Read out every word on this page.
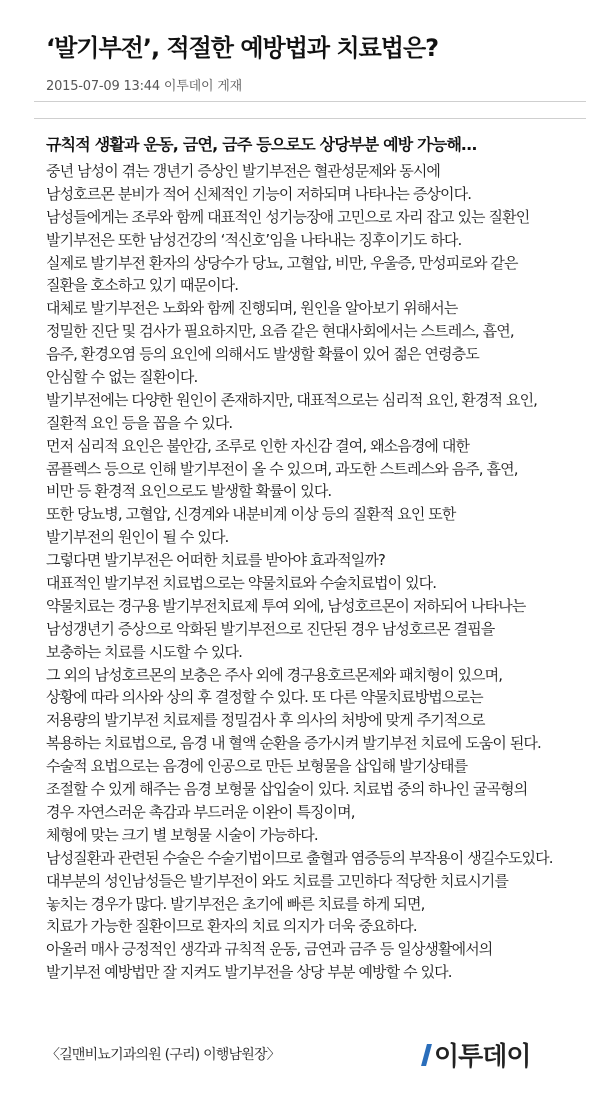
‘발기부전’, 적절한 예방법과 치료법은?
2015-07-09 13:44 이투데이 게재
규칙적 생활과 운동, 금연, 금주 등으로도 상당부분 예방 가능해…
중년 남성이 겪는 갱년기 증상인 발기부전은 혈관성문제와 동시에
남성호르몬 분비가 적어 신체적인 기능이 저하되며 나타나는 증상이다.
남성들에게는 조루와 함께 대표적인 성기능장애 고민으로 자리 잡고 있는 질환인
발기부전은 또한 남성건강의 ‘적신호’임을 나타내는 징후이기도 하다.
실제로 발기부전 환자의 상당수가 당뇨, 고혈압, 비만, 우울증, 만성피로와 같은
질환을 호소하고 있기 때문이다.
대체로 발기부전은 노화와 함께 진행되며, 원인을 알아보기 위해서는
정밀한 진단 및 검사가 필요하지만, 요즘 같은 현대사회에서는 스트레스, 흡연,
음주, 환경오염 등의 요인에 의해서도 발생할 확률이 있어 젊은 연령층도
안심할 수 없는 질환이다.
발기부전에는 다양한 원인이 존재하지만, 대표적으로는 심리적 요인, 환경적 요인,
질환적 요인 등을 꼽을 수 있다.
먼저 심리적 요인은 불안감, 조루로 인한 자신감 결여, 왜소음경에 대한
콤플렉스 등으로 인해 발기부전이 올 수 있으며, 과도한 스트레스와 음주, 흡연,
비만 등 환경적 요인으로도 발생할 확률이 있다.
또한 당뇨병, 고혈압, 신경계와 내분비계 이상 등의 질환적 요인 또한
발기부전의 원인이 될 수 있다.
그렇다면 발기부전은 어떠한 치료를 받아야 효과적일까?
대표적인 발기부전 치료법으로는 약물치료와 수술치료법이 있다.
약물치료는 경구용 발기부전치료제 투여 외에, 남성호르몬이 저하되어 나타나는
남성갱년기 증상으로 악화된 발기부전으로 진단된 경우 남성호르몬 결핍을
보충하는 치료를 시도할 수 있다.
그 외의 남성호르몬의 보충은 주사 외에 경구용호르몬제와 패치형이 있으며,
상황에 따라 의사와 상의 후 결정할 수 있다. 또 다른 약물치료방법으로는
저용량의 발기부전 치료제를 정밀검사 후 의사의 처방에 맞게 주기적으로
복용하는 치료법으로, 음경 내 혈액 순환을 증가시켜 발기부전 치료에 도움이 된다.
수술적 요법으로는 음경에 인공으로 만든 보형물을 삽입해 발기상태를
조절할 수 있게 해주는 음경 보형물 삽입술이 있다. 치료법 중의 하나인 굴곡형의
경우 자연스러운 촉감과 부드러운 이완이 특징이며,
체형에 맞는 크기 별 보형물 시술이 가능하다.
남성질환과 관련된 수술은 수술기법이므로 출혈과 염증등의 부작용이 생길수도있다.
대부분의 성인남성들은 발기부전이 와도 치료를 고민하다 적당한 치료시기를
놓치는 경우가 많다. 발기부전은 초기에 빠른 치료를 하게 되면,
치료가 가능한 질환이므로 환자의 치료 의지가 더욱 중요하다.
아울러 매사 긍정적인 생각과 규칙적 운동, 금연과 금주 등 일상생활에서의
발기부전 예방법만 잘 지켜도 발기부전을 상당 부분 예방할 수 있다.
〈길맨비뇨기과의원 (구리) 이행남원장〉	이투데이
